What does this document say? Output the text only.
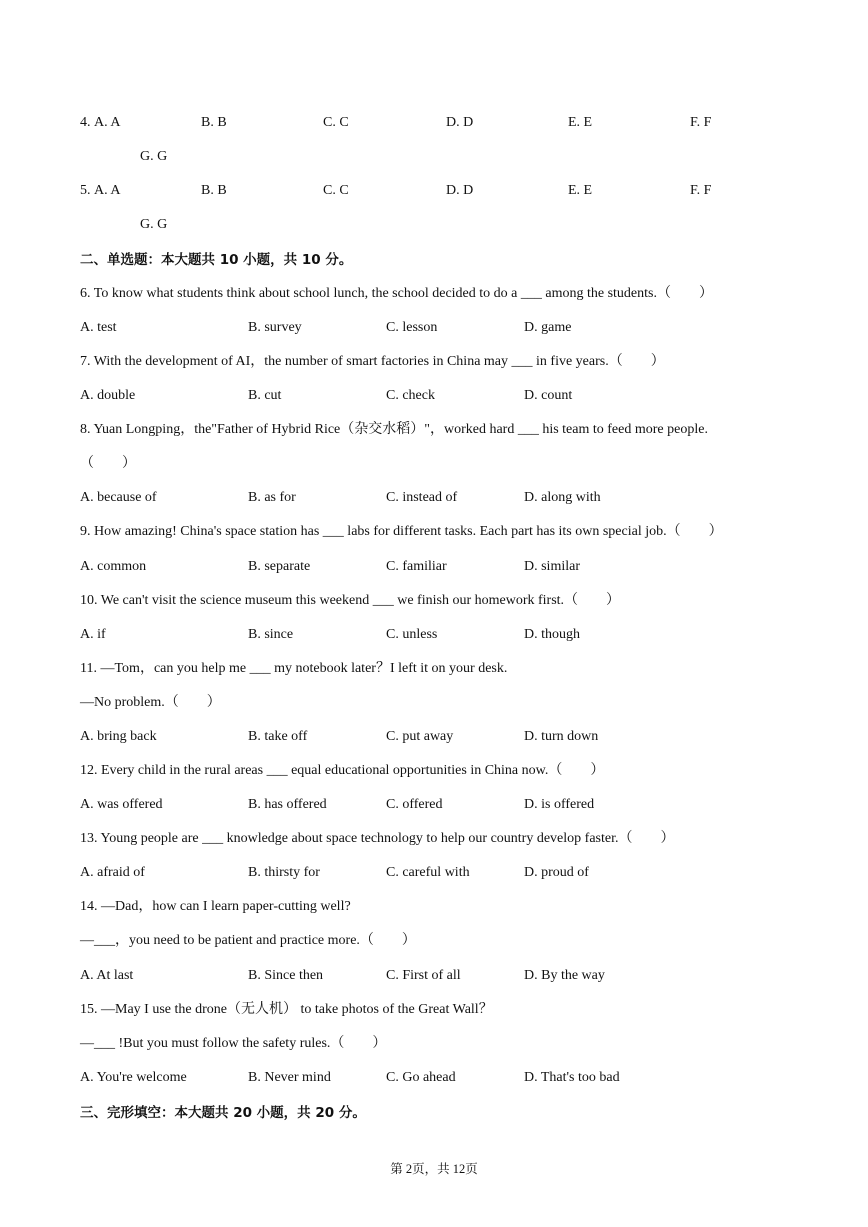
4. A. A	B. B	C. C	D. D	E. E	F. F
G. G
5. A. A	B. B	C. C	D. D	E. E	F. F
G. G
二、单选题：本大题共 10 小题，共 10 分。
6. To know what students think about school lunch, the school decided to do a ___ among the students.（　　）
A. test	B. survey	C. lesson	D. game
7. With the development of AI，the number of smart factories in China may ___ in five years.（　　）
A. double	B. cut	C. check	D. count
8. Yuan Longping，the"Father of Hybrid Rice（杂交水稻）"，worked hard ___ his team to feed more people.
（　　）
A. because of	B. as for	C. instead of	D. along with
9. How amazing! China's space station has ___ labs for different tasks. Each part has its own special job.（　　）
A. common	B. separate	C. familiar	D. similar
10. We can't visit the science museum this weekend ___ we finish our homework first.（　　）
A. if	B. since	C. unless	D. though
11. —Tom，can you help me ___ my notebook later？I left it on your desk.
—No problem.（　　）
A. bring back	B. take off	C. put away	D. turn down
12. Every child in the rural areas ___ equal educational opportunities in China now.（　　）
A. was offered	B. has offered	C. offered	D. is offered
13. Young people are ___ knowledge about space technology to help our country develop faster.（　　）
A. afraid of	B. thirsty for	C. careful with	D. proud of
14. —Dad，how can I learn paper-cutting well?
—___，you need to be patient and practice more.（　　）
A. At last	B. Since then	C. First of all	D. By the way
15. —May I use the drone（无人机） to take photos of the Great Wall？
—___ !But you must follow the safety rules.（　　）
A. You're welcome	B. Never mind	C. Go ahead	D. That's too bad
三、完形填空：本大题共 20 小题，共 20 分。
第 2页，共 12页
